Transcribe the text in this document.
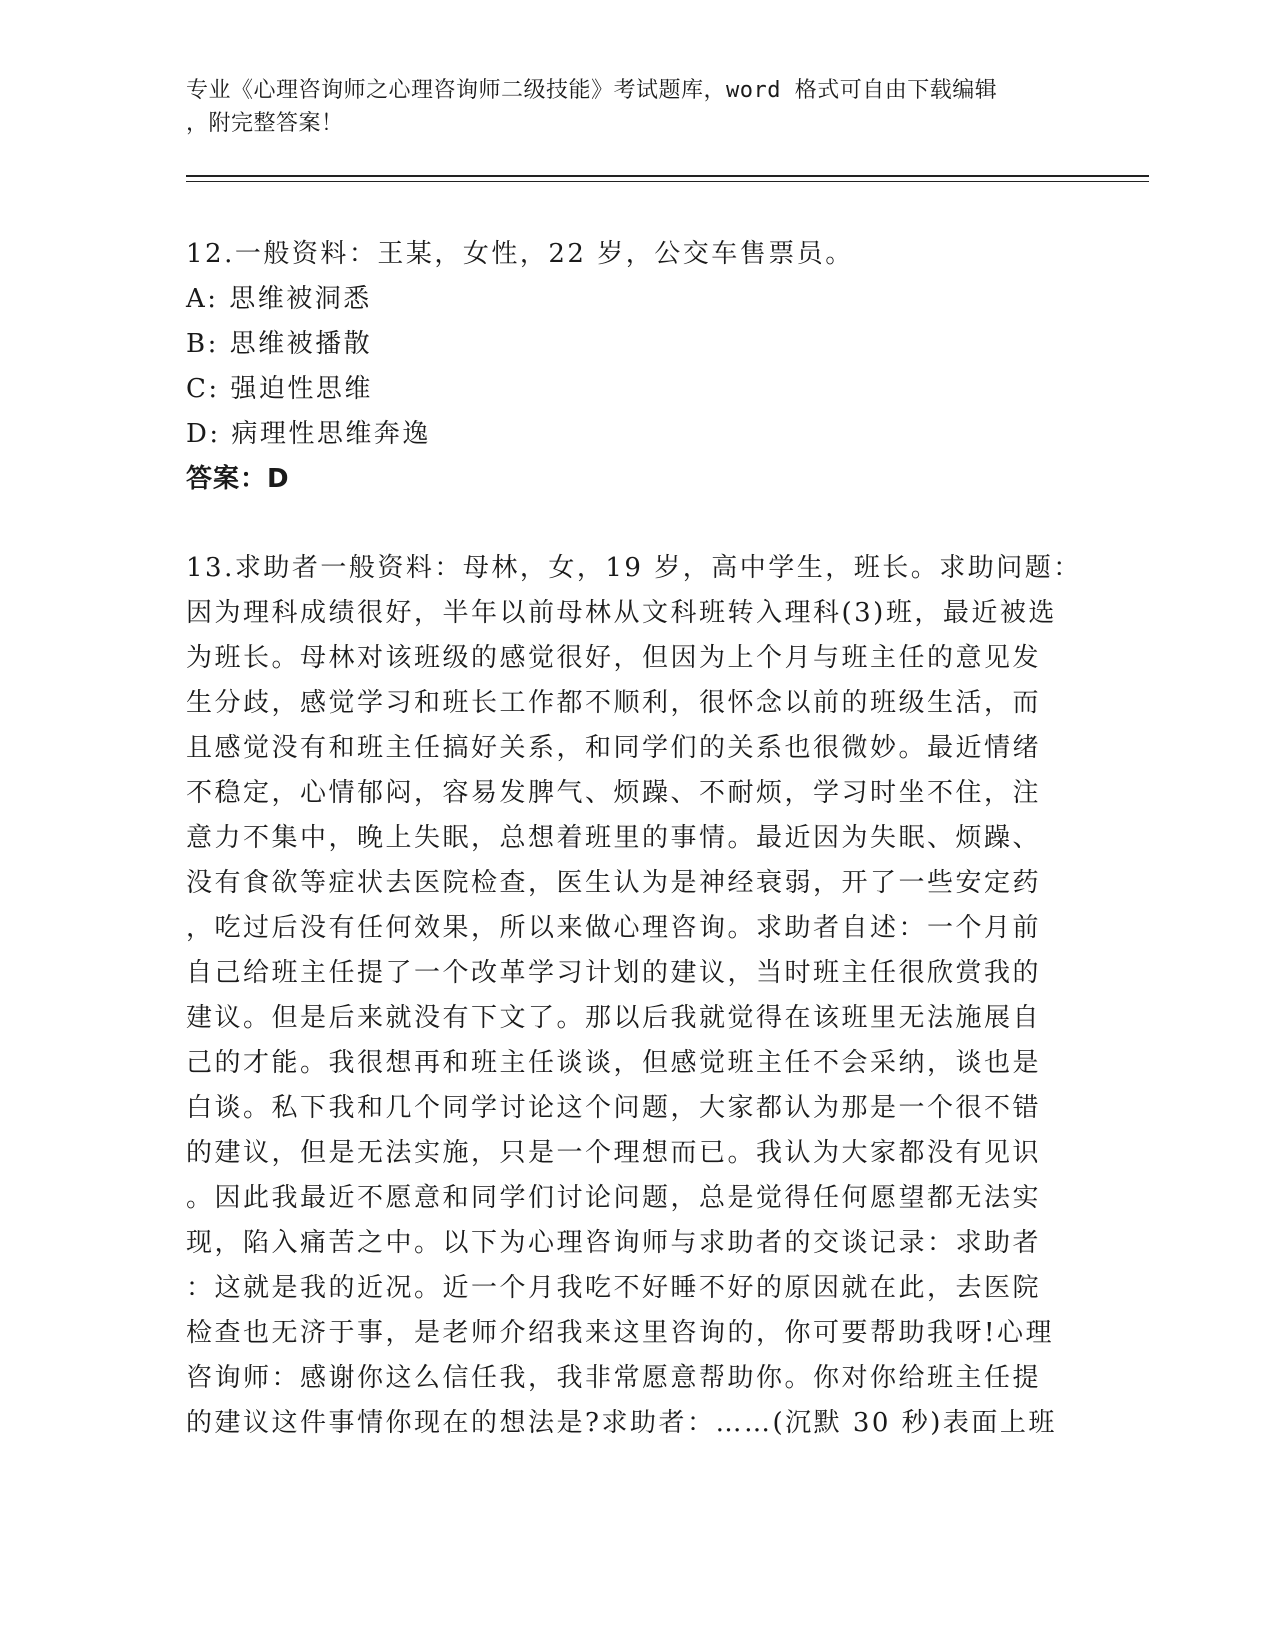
专业《心理咨询师之心理咨询师二级技能》考试题库，word 格式可自由下载编辑
，附完整答案！
12.一般资料：王某，女性，22 岁，公交车售票员。
A: 思维被洞悉
B: 思维被播散
C: 强迫性思维
D: 病理性思维奔逸
答案：D
13.求助者一般资料：母林，女，19 岁，高中学生，班长。求助问题：
因为理科成绩很好，半年以前母林从文科班转入理科(3)班，最近被选
为班长。母林对该班级的感觉很好，但因为上个月与班主任的意见发
生分歧，感觉学习和班长工作都不顺利，很怀念以前的班级生活，而
且感觉没有和班主任搞好关系，和同学们的关系也很微妙。最近情绪
不稳定，心情郁闷，容易发脾气、烦躁、不耐烦，学习时坐不住，注
意力不集中，晚上失眠，总想着班里的事情。最近因为失眠、烦躁、
没有食欲等症状去医院检查，医生认为是神经衰弱，开了一些安定药
，吃过后没有任何效果，所以来做心理咨询。求助者自述：一个月前
自己给班主任提了一个改革学习计划的建议，当时班主任很欣赏我的
建议。但是后来就没有下文了。那以后我就觉得在该班里无法施展自
己的才能。我很想再和班主任谈谈，但感觉班主任不会采纳，谈也是
白谈。私下我和几个同学讨论这个问题，大家都认为那是一个很不错
的建议，但是无法实施，只是一个理想而已。我认为大家都没有见识
。因此我最近不愿意和同学们讨论问题，总是觉得任何愿望都无法实
现，陷入痛苦之中。以下为心理咨询师与求助者的交谈记录：求助者
：这就是我的近况。近一个月我吃不好睡不好的原因就在此，去医院
检查也无济于事，是老师介绍我来这里咨询的，你可要帮助我呀!心理
咨询师：感谢你这么信任我，我非常愿意帮助你。你对你给班主任提
的建议这件事情你现在的想法是?求助者：……(沉默 30 秒)表面上班
